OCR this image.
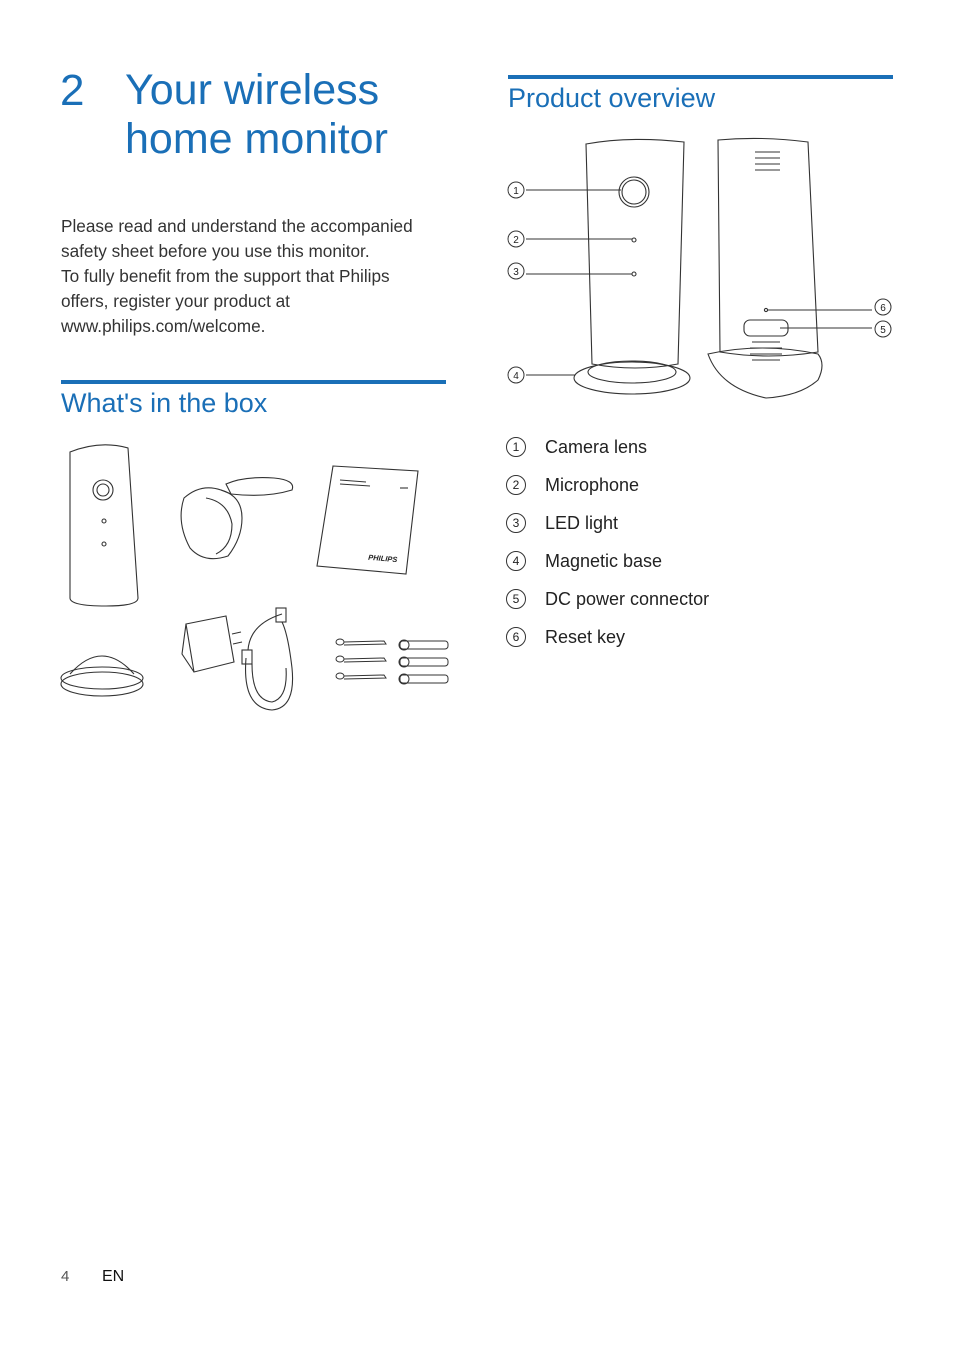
2 Your wireless
home monitor

Please read and understand the accompanied safety sheet before you use this monitor.

To fully benefit from the support that Philips offers, register your product at www.philips.com/welcome.

What's in the box
PHILIPS
Product overview
1
2
3
4
6
5
1	Camera lens
2	Microphone
3	LED light
4	Magnetic base
5	DC power connector
6	Reset key
4 EN
